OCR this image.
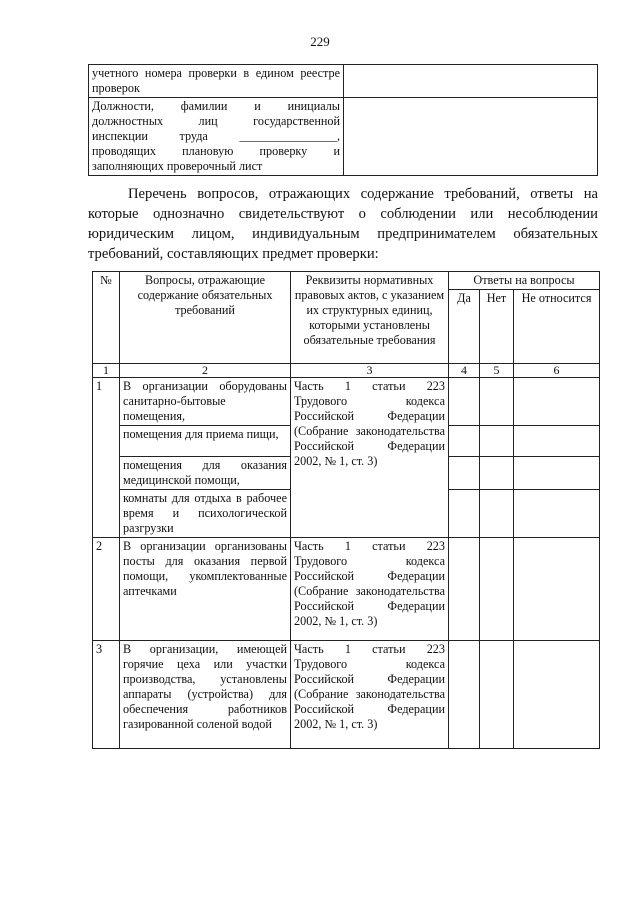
229
учетного номера проверки в едином реестре проверок	

Должности, фамилии и инициалы
должностных лиц государственной
инспекции труда ________________,
проводящих плановую проверку и
заполняющих проверочный лист	

Перечень вопросов, отражающих содержание требований, ответы на которые однозначно свидетельствуют о соблюдении или несоблюдении юридическим лицом, индивидуальным предпринимателем обязательных требований, составляющих предмет проверки:
№	Вопросы, отражающие содержание обязательных требований	Реквизиты нормативных правовых актов, с указанием их структурных единиц, которыми установлены обязательные требования	Ответы на вопросы		
			Да	Нет	Не относится
1	2	3	4	5	6
1	В организации оборудованы санитарно-бытовые помещения,	Часть 1 статьи 223 Трудового кодекса Российской Федерации (Собрание законодательства Российской Федерации 2002, № 1, ст. 3)			
	помещения для приема пищи,				
	помещения для оказания медицинской помощи,				
	комнаты для отдыха в рабочее время и психологической разгрузки				
2	В организации организованы посты для оказания первой помощи, укомплектованные аптечками	Часть 1 статьи 223 Трудового кодекса Российской Федерации (Собрание законодательства Российской Федерации 2002, № 1, ст. 3)			
3	В организации, имеющей горячие цеха или участки производства, установлены аппараты (устройства) для обеспечения работников газированной соленой водой	Часть 1 статьи 223 Трудового кодекса Российской Федерации (Собрание законодательства Российской Федерации 2002, № 1, ст. 3)			
